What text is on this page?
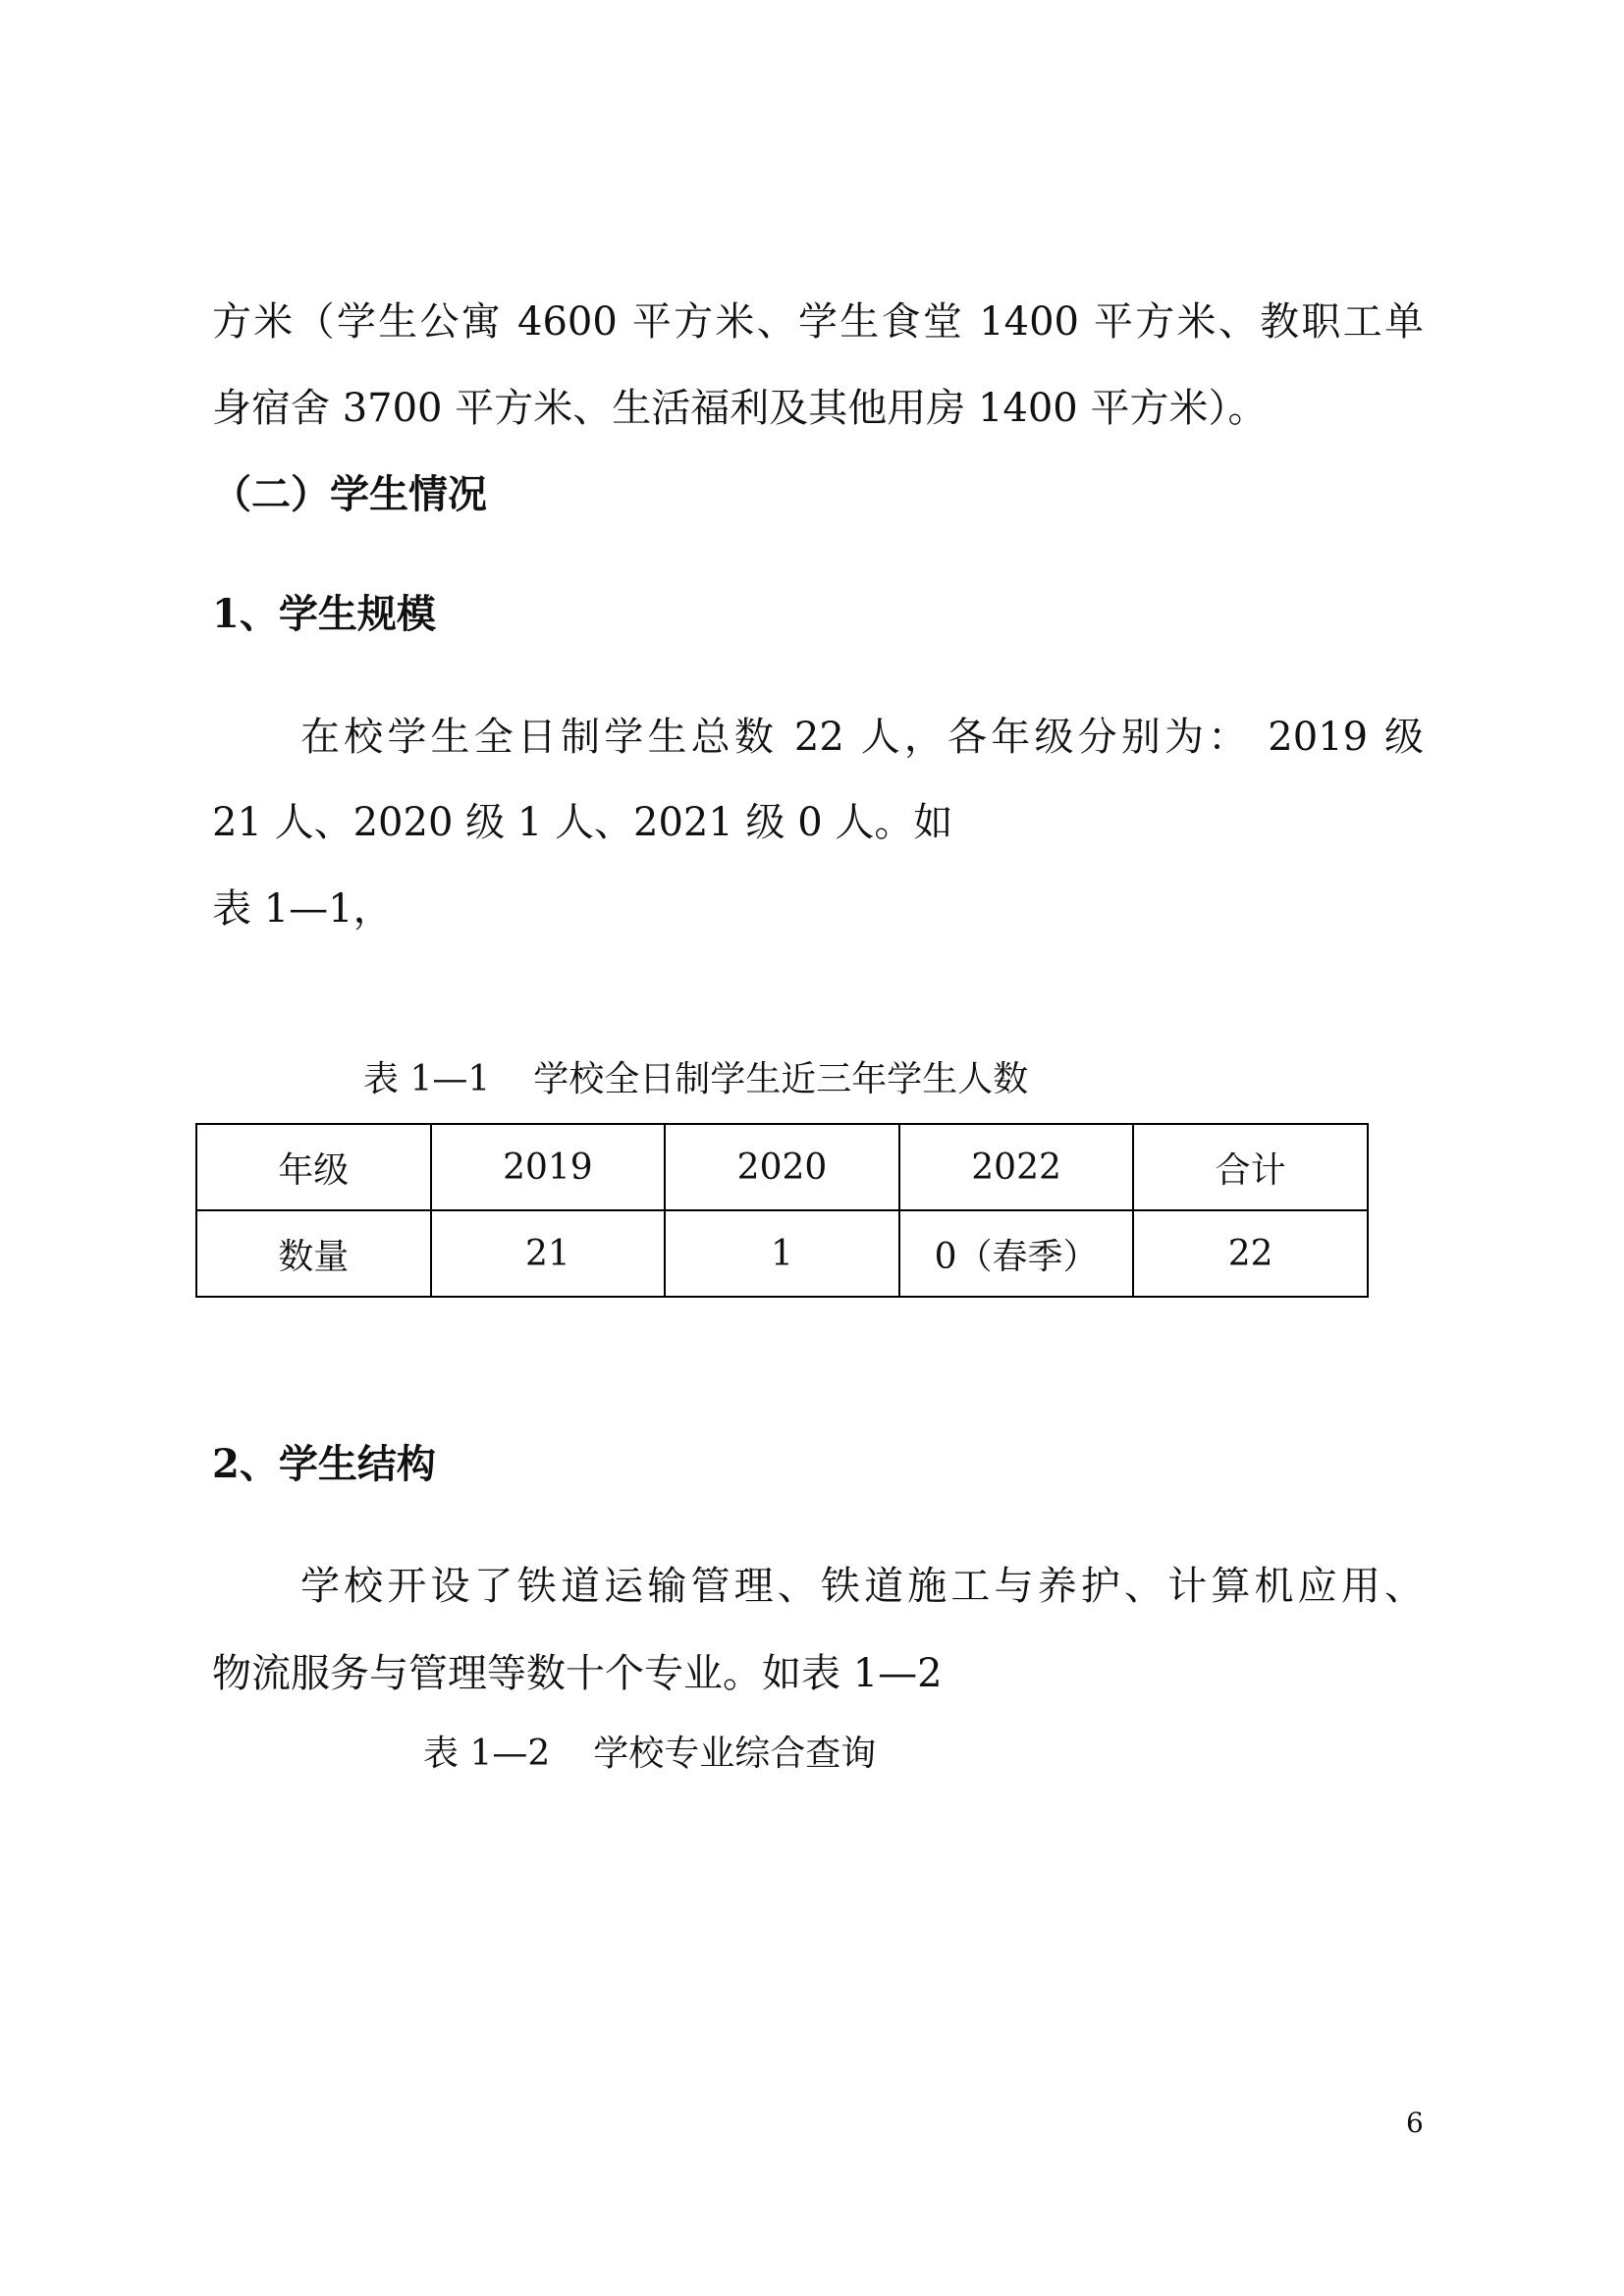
方米（学生公寓 4600 平方米、学生食堂 1400 平方米、教职工单
身宿舍 3700 平方米、生活福利及其他用房 1400 平方米）。
（二）学生情况
1、学生规模
在校学生全日制学生总数 22 人，各年级分别为： 2019 级
21 人、2020 级 1 人、2021 级 0 人。如
表 1—1，
表 1—1 学校全日制学生近三年学生人数
年级	2019	2020	2022	合计
数量	21	1	0（春季）	22
2、学生结构
学校开设了铁道运输管理、铁道施工与养护、计算机应用、
物流服务与管理等数十个专业。如表 1—2
表 1—2 学校专业综合查询
6
